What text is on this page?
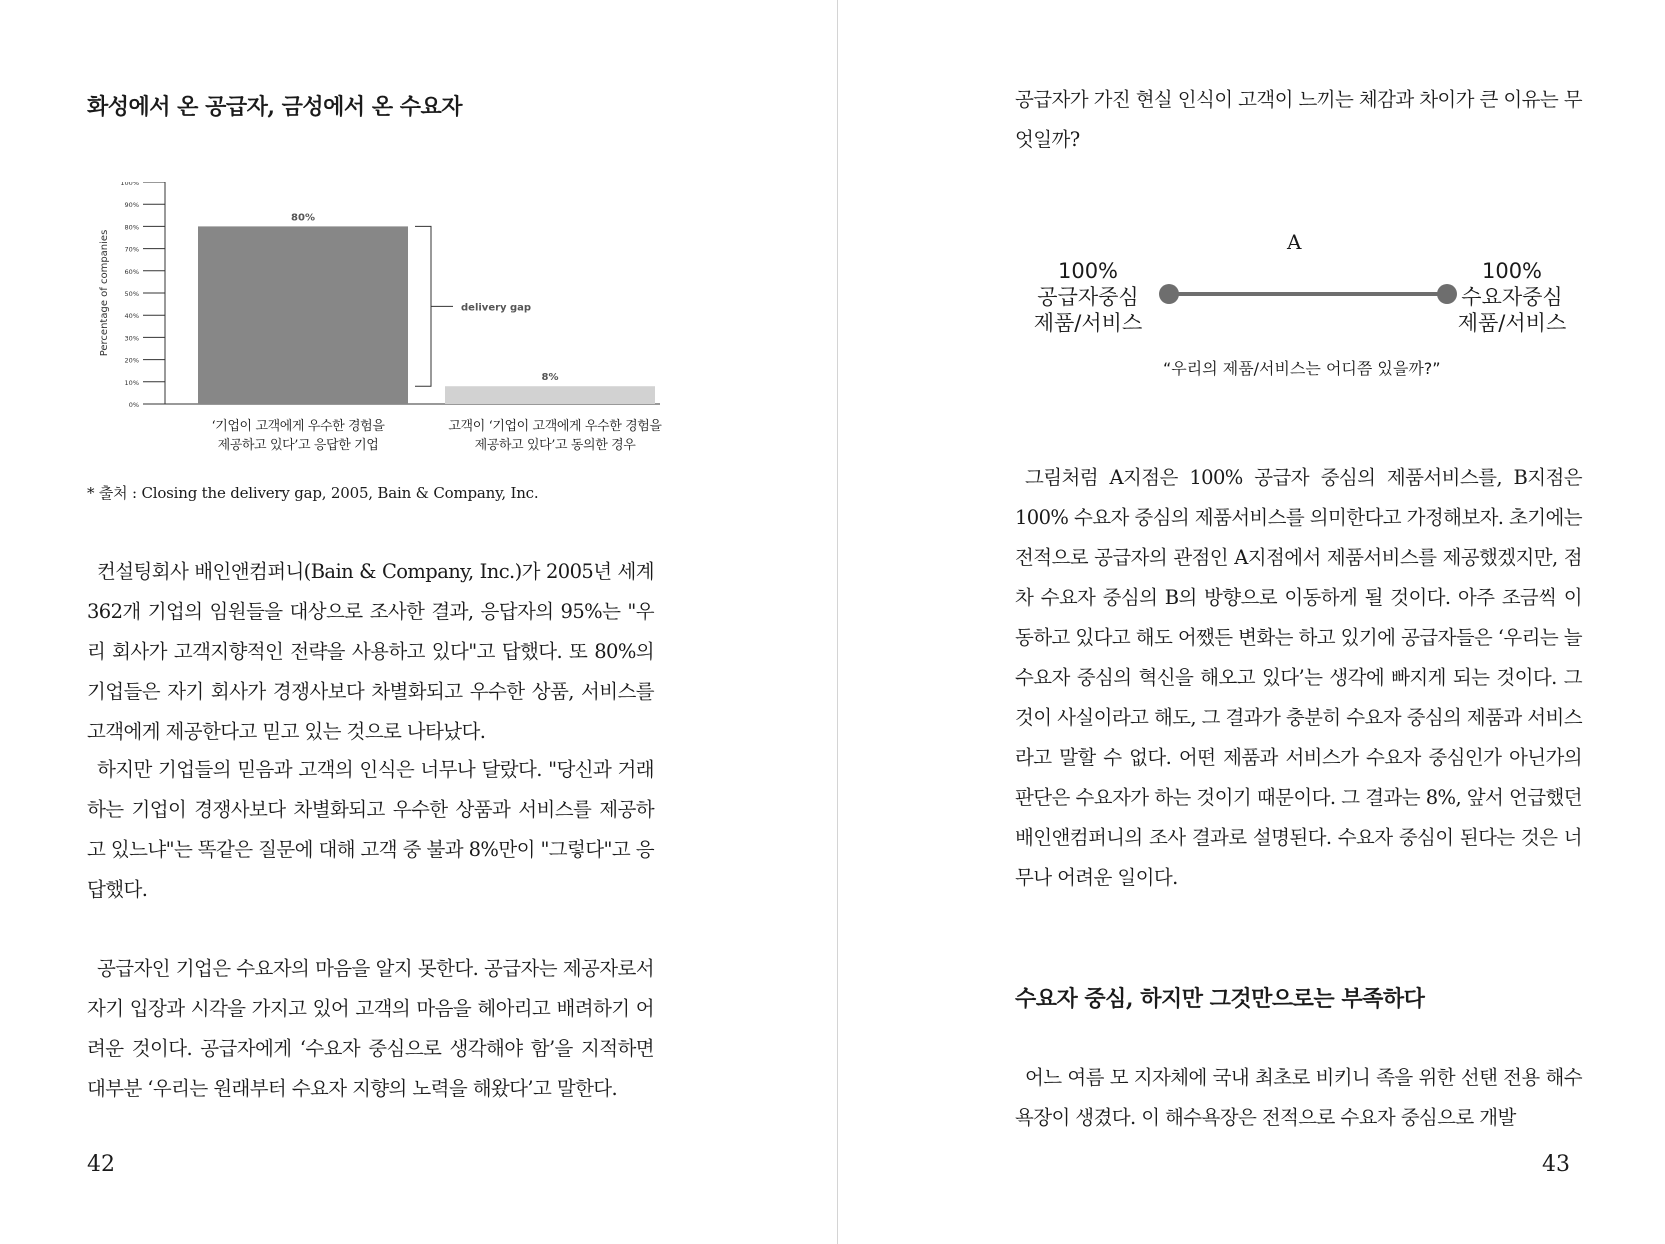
화성에서 온 공급자, 금성에서 온 수요자
Percentage of companies
0%
10%
20%
30%
40%
50%
60%
70%
80%
90%
100%
80%
8%
delivery gap
‘기업이 고객에게 우수한 경험을
제공하고 있다’고 응답한 기업
고객이 ‘기업이 고객에게 우수한 경험을
제공하고 있다’고 동의한 경우
* 출처 : Closing the delivery gap, 2005, Bain & Company, Inc.

컨설팅회사 배인앤컴퍼니(Bain & Company, Inc.)가 2005년 세계 362개 기업의 임원들을 대상으로 조사한 결과, 응답자의 95%는 "우리 회사가 고객지향적인 전략을 사용하고 있다"고 답했다. 또 80%의 기업들은 자기 회사가 경쟁사보다 차별화되고 우수한 상품, 서비스를 고객에게 제공한다고 믿고 있는 것으로 나타났다.

하지만 기업들의 믿음과 고객의 인식은 너무나 달랐다. "당신과 거래하는 기업이 경쟁사보다 차별화되고 우수한 상품과 서비스를 제공하고 있느냐"는 똑같은 질문에 대해 고객 중 불과 8%만이 "그렇다"고 응답했다.

공급자인 기업은 수요자의 마음을 알지 못한다. 공급자는 제공자로서 자기 입장과 시각을 가지고 있어 고객의 마음을 헤아리고 배려하기 어려운 것이다. 공급자에게 ‘수요자 중심으로 생각해야 함’을 지적하면 대부분 ‘우리는 원래부터 수요자 지향의 노력을 해왔다’고 말한다.

42

공급자가 가진 현실 인식이 고객이 느끼는 체감과 차이가 큰 이유는 무엇일까?

A
100%
공급자중심
제품/서비스
100%
수요자중심
제품/서비스
“우리의 제품/서비스는 어디쯤 있을까?”

그림처럼 A지점은 100% 공급자 중심의 제품서비스를, B지점은 100% 수요자 중심의 제품서비스를 의미한다고 가정해보자. 초기에는 전적으로 공급자의 관점인 A지점에서 제품서비스를 제공했겠지만, 점차 수요자 중심의 B의 방향으로 이동하게 될 것이다. 아주 조금씩 이동하고 있다고 해도 어쨌든 변화는 하고 있기에 공급자들은 ‘우리는 늘 수요자 중심의 혁신을 해오고 있다’는 생각에 빠지게 되는 것이다. 그것이 사실이라고 해도, 그 결과가 충분히 수요자 중심의 제품과 서비스라고 말할 수 없다. 어떤 제품과 서비스가 수요자 중심인가 아닌가의 판단은 수요자가 하는 것이기 때문이다. 그 결과는 8%, 앞서 언급했던 배인앤컴퍼니의 조사 결과로 설명된다. 수요자 중심이 된다는 것은 너무나 어려운 일이다.

수요자 중심, 하지만 그것만으로는 부족하다

어느 여름 모 지자체에 국내 최초로 비키니 족을 위한 선탠 전용 해수욕장이 생겼다. 이 해수욕장은 전적으로 수요자 중심으로 개발

43
